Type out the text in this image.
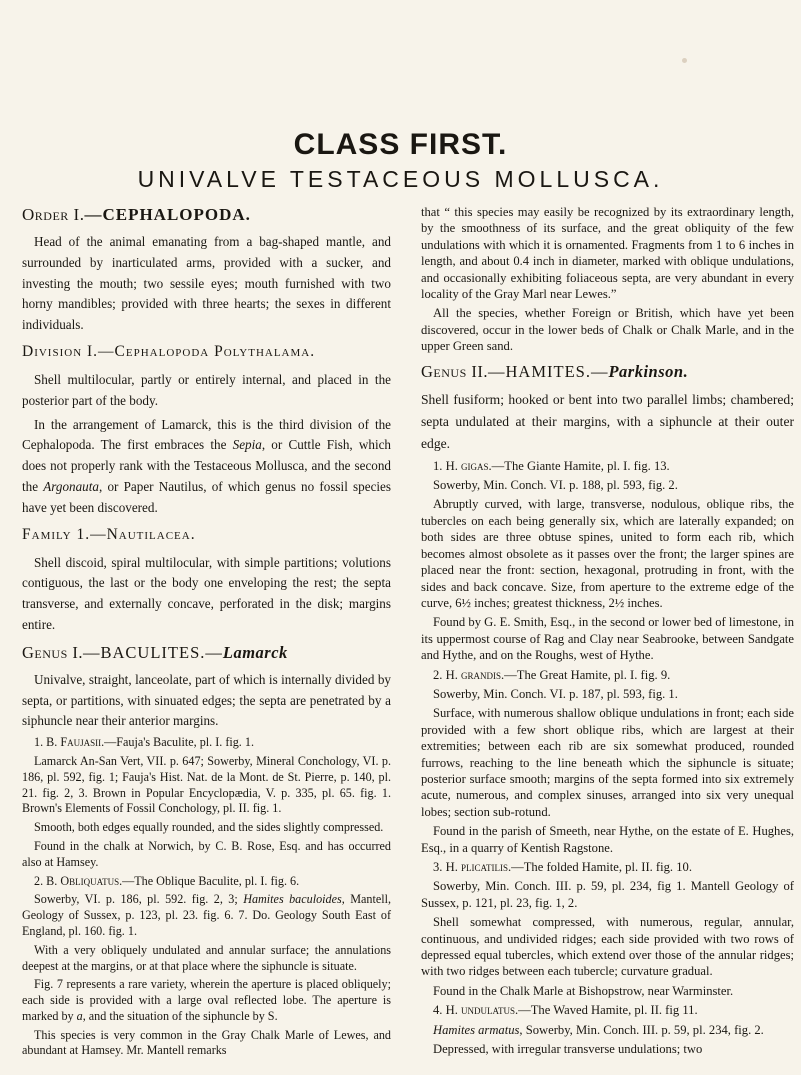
CLASS FIRST.
UNIVALVE TESTACEOUS MOLLUSCA.
Order I.—CEPHALOPODA.

Head of the animal emanating from a bag-shaped mantle, and surrounded by inarticulated arms, provided with a sucker, and investing the mouth; two sessile eyes; mouth furnished with two horny mandibles; provided with three hearts; the sexes in different individuals.

Division I.—Cephalopoda Polythalama.

Shell multilocular, partly or entirely internal, and placed in the posterior part of the body.

In the arrangement of Lamarck, this is the third division of the Cephalopoda. The first embraces the Sepia, or Cuttle Fish, which does not properly rank with the Testaceous Mollusca, and the second the Argonauta, or Paper Nautilus, of which genus no fossil species have yet been discovered.

Family 1.—Nautilacea.

Shell discoid, spiral multilocular, with simple partitions; volutions contiguous, the last or the body one enveloping the rest; the septa transverse, and externally concave, perforated in the disk; margins entire.

Genus I.—BACULITES.—Lamarck

Univalve, straight, lanceolate, part of which is internally divided by septa, or partitions, with sinuated edges; the septa are penetrated by a siphuncle near their anterior margins.

1. B. Faujasii.—Fauja's Baculite, pl. I. fig. 1.

Lamarck An-San Vert, VII. p. 647; Sowerby, Mineral Conchology, VI. p. 186, pl. 592, fig. 1; Fauja's Hist. Nat. de la Mont. de St. Pierre, p. 140, pl. 21. fig. 2, 3. Brown in Popular Encyclopædia, V. p. 335, pl. 65. fig. 1. Brown's Elements of Fossil Conchology, pl. II. fig. 1.

Smooth, both edges equally rounded, and the sides slightly compressed.

Found in the chalk at Norwich, by C. B. Rose, Esq. and has occurred also at Hamsey.

2. B. Obliquatus.—The Oblique Baculite, pl. I. fig. 6.

Sowerby, VI. p. 186, pl. 592. fig. 2, 3; Hamites baculoides, Mantell, Geology of Sussex, p. 123, pl. 23. fig. 6. 7. Do. Geology South East of England, pl. 160. fig. 1.

With a very obliquely undulated and annular surface; the annulations deepest at the margins, or at that place where the siphuncle is situate.

Fig. 7 represents a rare variety, wherein the aperture is placed obliquely; each side is provided with a large oval reflected lobe. The aperture is marked by a, and the situation of the siphuncle by S.

This species is very common in the Gray Chalk Marle of Lewes, and abundant at Hamsey. Mr. Mantell remarks

that “ this species may easily be recognized by its extraordinary length, by the smoothness of its surface, and the great obliquity of the few undulations with which it is ornamented. Fragments from 1 to 6 inches in length, and about 0.4 inch in diameter, marked with oblique undulations, and occasionally exhibiting foliaceous septa, are very abundant in every locality of the Gray Marl near Lewes.”

All the species, whether Foreign or British, which have yet been discovered, occur in the lower beds of Chalk or Chalk Marle, and in the upper Green sand.

Genus II.—HAMITES.—Parkinson.

Shell fusiform; hooked or bent into two parallel limbs; chambered; septa undulated at their margins, with a siphuncle at their outer edge.

1. H. gigas.—The Giante Hamite, pl. I. fig. 13.

Sowerby, Min. Conch. VI. p. 188, pl. 593, fig. 2.

Abruptly curved, with large, transverse, nodulous, oblique ribs, the tubercles on each being generally six, which are laterally expanded; on both sides are three obtuse spines, united to form each rib, which becomes almost obsolete as it passes over the front; the larger spines are placed near the front: section, hexagonal, protruding in front, with the sides and back concave. Size, from aperture to the extreme edge of the curve, 6½ inches; greatest thickness, 2½ inches.

Found by G. E. Smith, Esq., in the second or lower bed of limestone, in its uppermost course of Rag and Clay near Seabrooke, between Sandgate and Hythe, and on the Roughs, west of Hythe.

2. H. grandis.—The Great Hamite, pl. I. fig. 9.

Sowerby, Min. Conch. VI. p. 187, pl. 593, fig. 1.

Surface, with numerous shallow oblique undulations in front; each side provided with a few short oblique ribs, which are largest at their extremities; between each rib are six somewhat produced, rounded furrows, reaching to the line beneath which the siphuncle is situate; posterior surface smooth; margins of the septa formed into six extremely acute, numerous, and complex sinuses, arranged into six very unequal lobes; section sub-rotund.

Found in the parish of Smeeth, near Hythe, on the estate of E. Hughes, Esq., in a quarry of Kentish Ragstone.

3. H. plicatilis.—The folded Hamite, pl. II. fig. 10.

Sowerby, Min. Conch. III. p. 59, pl. 234, fig 1. Mantell Geology of Sussex, p. 121, pl. 23, fig. 1, 2.

Shell somewhat compressed, with numerous, regular, annular, continuous, and undivided ridges; each side provided with two rows of depressed equal tubercles, which extend over those of the annular ridges; with two ridges between each tubercle; curvature gradual.

Found in the Chalk Marle at Bishopstrow, near Warminster.

4. H. undulatus.—The Waved Hamite, pl. II. fig 11.

Hamites armatus, Sowerby, Min. Conch. III. p. 59, pl. 234, fig. 2.

Depressed, with irregular transverse undulations; two
